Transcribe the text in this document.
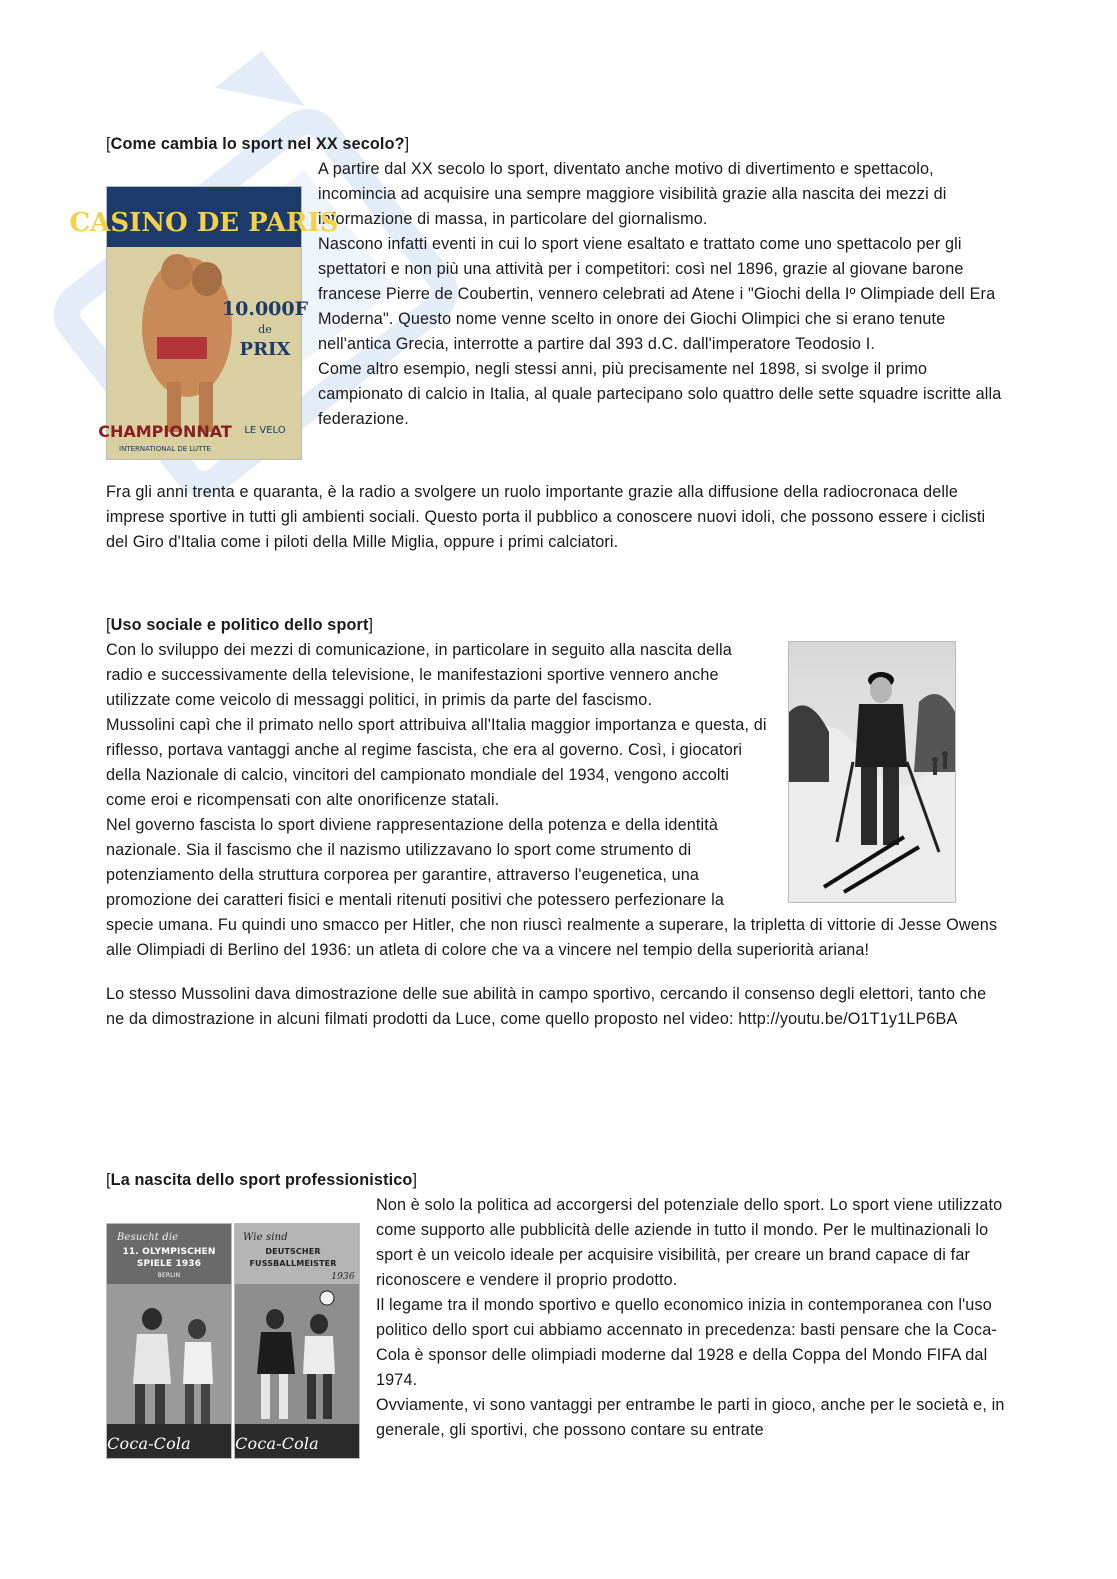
[Come cambia lo sport nel XX secolo?]

A partire dal XX secolo lo sport, diventato anche motivo di divertimento e spettacolo, incomincia ad acquisire una sempre maggiore visibilità grazie alla nascita dei mezzi di informazione di massa, in particolare del giornalismo.

Nascono infatti eventi in cui lo sport viene esaltato e trattato come uno spettacolo per gli spettatori e non più una attività per i competitori: così nel 1896, grazie al giovane barone francese Pierre de Coubertin, vennero celebrati ad Atene i "Giochi della Iº Olimpiade dell Era Moderna". Questo nome venne scelto in onore dei Giochi Olimpici che si erano tenute nell'antica Grecia, interrotte a partire dal 393 d.C. dall'imperatore Teodosio I.

Come altro esempio, negli stessi anni, più precisamente nel 1898, si svolge il primo campionato di calcio in Italia, al quale partecipano solo quattro delle sette squadre iscritte alla federazione.

Fra gli anni trenta e quaranta, è la radio a svolgere un ruolo importante grazie alla diffusione della radiocronaca delle imprese sportive in tutti gli ambienti sociali. Questo porta il pubblico a conoscere nuovi idoli, che possono essere i ciclisti del Giro d'Italia come i piloti della Mille Miglia, oppure i primi calciatori.

[Uso sociale e politico dello sport]

Con lo sviluppo dei mezzi di comunicazione, in particolare in seguito alla nascita della radio e successivamente della televisione, le manifestazioni sportive vennero anche utilizzate come veicolo di messaggi politici, in primis da parte del fascismo.

Mussolini capì che il primato nello sport attribuiva all'Italia maggior importanza e questa, di riflesso, portava vantaggi anche al regime fascista, che era al governo. Così, i giocatori della Nazionale di calcio, vincitori del campionato mondiale del 1934, vengono accolti come eroi e ricompensati con alte onorificenze statali.

Nel governo fascista lo sport diviene rappresentazione della potenza e della identità nazionale. Sia il fascismo che il nazismo utilizzavano lo sport come strumento di potenziamento della struttura corporea per garantire, attraverso l'eugenetica, una promozione dei caratteri fisici e mentali ritenuti positivi che potessero perfezionare la specie umana. Fu quindi uno smacco per Hitler, che non riuscì realmente a superare, la tripletta di vittorie di Jesse Owens alle Olimpiadi di Berlino del 1936: un atleta di colore che va a vincere nel tempio della superiorità ariana!

Lo stesso Mussolini dava dimostrazione delle sue abilità in campo sportivo, cercando il consenso degli elettori, tanto che ne da dimostrazione in alcuni filmati prodotti da Luce, come quello proposto nel video: http://youtu.be/O1T1y1LP6BA

[La nascita dello sport professionistico]
Besucht die
11. OLYMPISCHEN
SPIELE 1936
BERLIN
Coca-Cola
Wie sind
DEUTSCHER
FUSSBALLMEISTER
1936
Coca-Cola

Non è solo la politica ad accorgersi del potenziale dello sport. Lo sport viene utilizzato come supporto alle pubblicità delle aziende in tutto il mondo. Per le multinazionali lo sport è un veicolo ideale per acquisire visibilità, per creare un brand capace di far riconoscere e vendere il proprio prodotto.

Il legame tra il mondo sportivo e quello economico inizia in contemporanea con l'uso politico dello sport cui abbiamo accennato in precedenza: basti pensare che la Coca-Cola è sponsor delle olimpiadi moderne dal 1928 e della Coppa del Mondo FIFA dal 1974.

Ovviamente, vi sono vantaggi per entrambe le parti in gioco, anche per le società e, in generale, gli sportivi, che possono contare su entrate

CASINO DE PARIS
10.000F
de
PRIX
LE VELO
CHAMPIONNAT
INTERNATIONAL DE LUTTE
